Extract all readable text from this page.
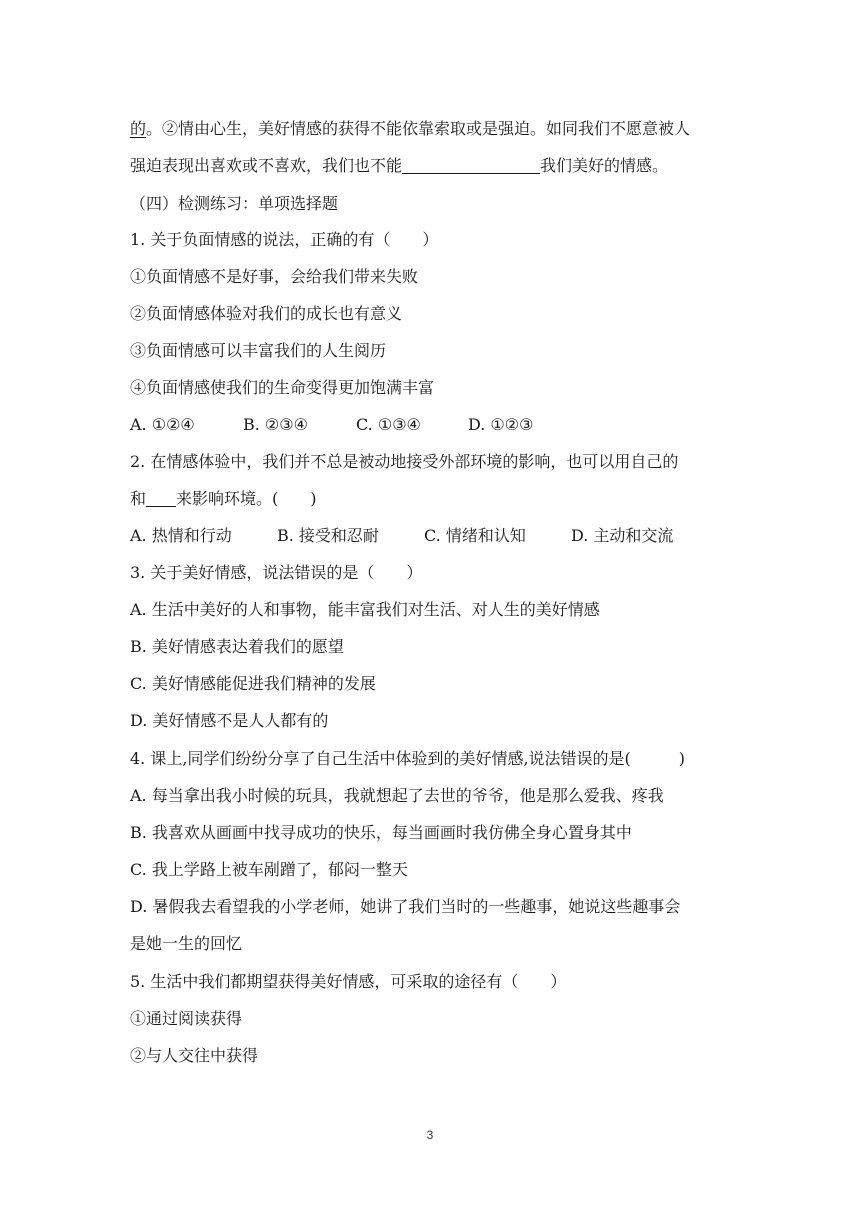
的。②情由心生，美好情感的获得不能依靠索取或是强迫。如同我们不愿意被人
强迫表现出喜欢或不喜欢，我们也不能	我们美好的情感。
（四）检测练习：单项选择题
1. 关于负面情感的说法，正确的有（　　）
①负面情感不是好事，会给我们带来失败
②负面情感体验对我们的成长也有意义
③负面情感可以丰富我们的人生阅历
④负面情感使我们的生命变得更加饱满丰富
A. ①②④	B. ②③④	C. ①③④	D. ①②③
2. 在情感体验中，我们并不总是被动地接受外部环境的影响，也可以用自己的
和 来影响环境。(　　)
A. 热情和行动	B. 接受和忍耐	C. 情绪和认知	D. 主动和交流
3. 关于美好情感，说法错误的是（　　）
A. 生活中美好的人和事物，能丰富我们对生活、对人生的美好情感
B. 美好情感表达着我们的愿望
C. 美好情感能促进我们精神的发展
D. 美好情感不是人人都有的
4. 课上,同学们纷纷分享了自己生活中体验到的美好情感,说法错误的是(　　　)
A. 每当拿出我小时候的玩具，我就想起了去世的爷爷，他是那么爱我、疼我
B. 我喜欢从画画中找寻成功的快乐，每当画画时我仿佛全身心置身其中
C. 我上学路上被车剐蹭了，郁闷一整天
D. 暑假我去看望我的小学老师，她讲了我们当时的一些趣事，她说这些趣事会
是她一生的回忆
5. 生活中我们都期望获得美好情感，可采取的途径有（　　）
①通过阅读获得
②与人交往中获得
3
